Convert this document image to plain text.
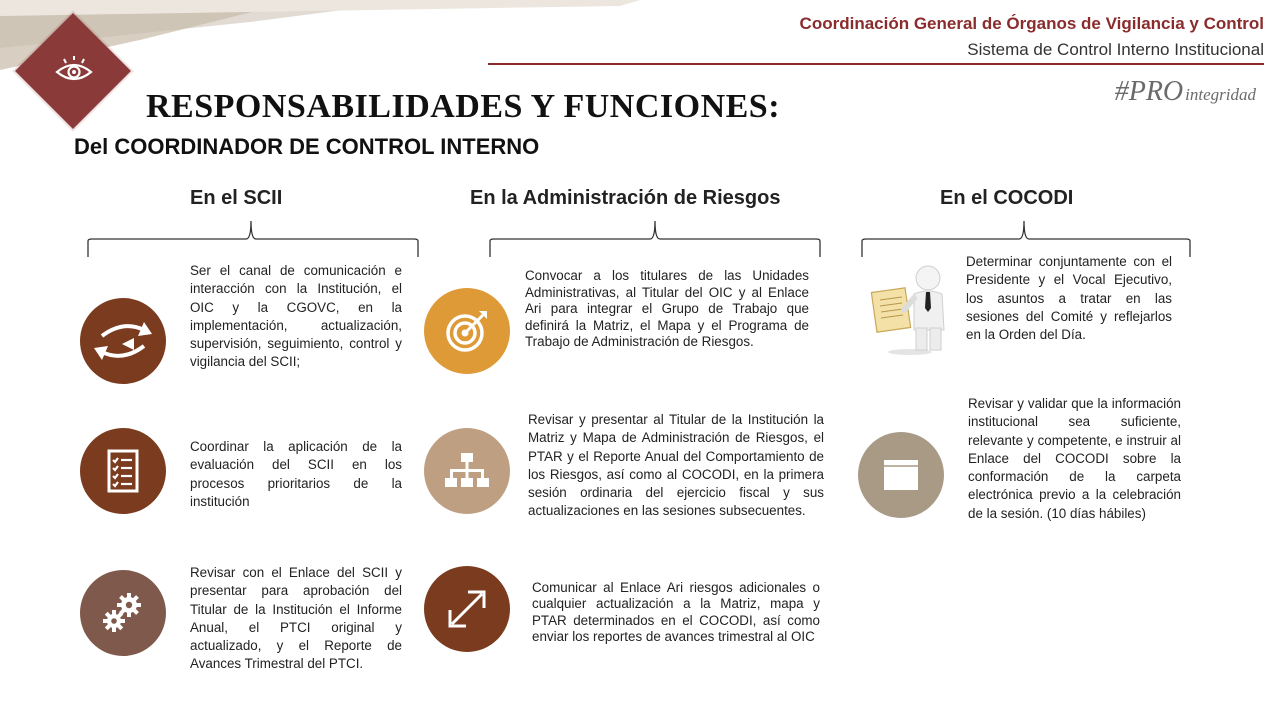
Coordinación General de Órganos de Vigilancia y Control
Sistema de Control Interno Institucional
#PRO integridad
RESPONSABILIDADES Y FUNCIONES:
Del COORDINADOR DE CONTROL INTERNO
En el SCII	En la Administración de Riesgos	En el COCODI
Ser el canal de comunicación e interacción con la Institución, el OIC y la CGOVC, en la implementación, actualización, supervisión, seguimiento, control y vigilancia del SCII;
Coordinar la aplicación de la evaluación del SCII en los procesos prioritarios de la institución
Revisar con el Enlace del SCII y presentar para aprobación del Titular de la Institución el Informe Anual, el PTCI original y actualizado, y el Reporte de Avances Trimestral del PTCI.
Convocar a los titulares de las Unidades Administrativas, al Titular del OIC y al Enlace Ari para integrar el Grupo de Trabajo que definirá la Matriz, el Mapa y el Programa de Trabajo de Administración de Riesgos.
Revisar y presentar al Titular de la Institución la Matriz y Mapa de Administración de Riesgos, el PTAR y el Reporte Anual del Comportamiento de los Riesgos, así como al COCODI, en la primera sesión ordinaria del ejercicio fiscal y sus actualizaciones en las sesiones subsecuentes.
Comunicar al Enlace Ari riesgos adicionales o cualquier actualización a la Matriz, mapa y PTAR determinados en el COCODI, así como enviar los reportes de avances trimestral al OIC
Determinar conjuntamente con el Presidente y el Vocal Ejecutivo, los asuntos a tratar en las sesiones del Comité y reflejarlos en la Orden del Día.
Revisar y validar que la información institucional sea suficiente, relevante y competente, e instruir al Enlace del COCODI sobre la conformación de la carpeta electrónica previo a la celebración de la sesión. (10 días hábiles)
